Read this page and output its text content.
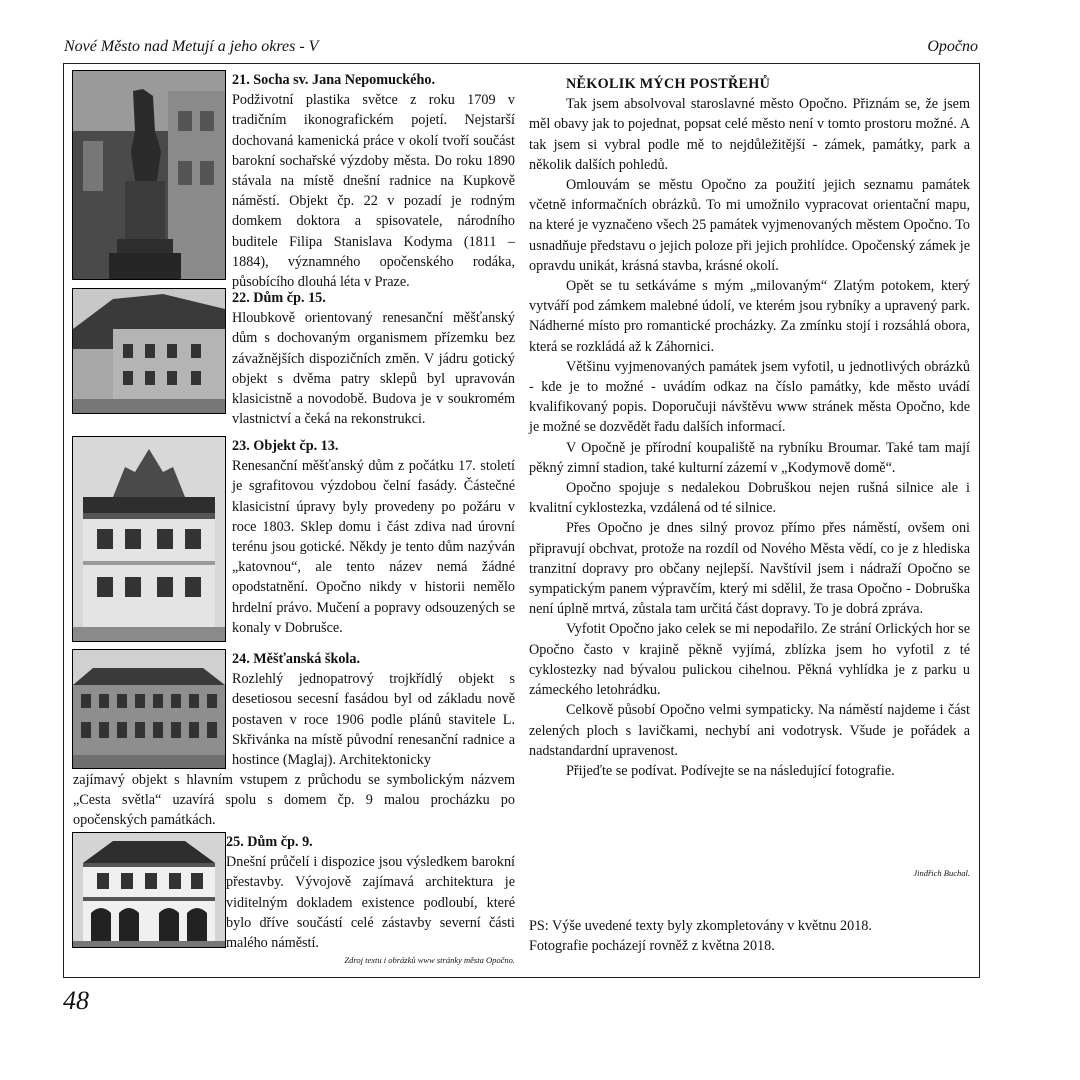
Nové Město nad Metují a jeho okres - V	Opočno
21. Socha sv. Jana Nepomuckého.

Podživotní plastika světce z roku 1709 v tradičním ikonografickém pojetí. Nejstarší dochovaná kamenická práce v okolí tvoří součást barokní sochařské výzdoby města. Do roku 1890 stávala na místě dnešní radnice na Kupkově náměstí. Objekt čp. 22 v pozadí je rodným domkem doktora a spisovatele, národního buditele Filipa Stanislava Kodyma (1811 – 1884), významného opočenského rodáka, působícího dlouhá léta v Praze.

22. Dům čp. 15.

Hloubkově orientovaný renesanční měšťanský dům s dochovaným organismem přízemku bez závažnějších dispozičních změn. V jádru gotický objekt s dvěma patry sklepů byl upravován klasicistně a novodobě. Budova je v soukromém vlastnictví a čeká na rekonstrukci.

23. Objekt čp. 13.

Renesanční měšťanský dům z počátku 17. století je sgrafitovou výzdobou čelní fasády. Částečné klasicistní úpravy byly provedeny po požáru v roce 1803. Sklep domu i část zdiva nad úrovní terénu jsou gotické. Někdy je tento dům nazýván „katovnou“, ale tento název nemá žádné opodstatnění. Opočno nikdy v historii nemělo hrdelní právo. Mučení a popravy odsouzených se konaly v Dobrušce.

24. Měšťanská škola.

Rozlehlý jednopatrový trojkřídlý objekt s desetiosou secesní fasádou byl od základu nově postaven v roce 1906 podle plánů stavitele L. Skřivánka na místě původní renesanční radnice a hostince (Maglaj). Architektonicky

zajímavý objekt s hlavním vstupem z průchodu se symbolickým názvem „Cesta světla“ uzavírá spolu s domem čp. 9 malou procházku po opočenských památkách.
25. Dům čp. 9.

Dnešní průčelí i dispozice jsou výsledkem barokní přestavby. Vývojově zajímavá architektura je viditelným dokladem existence podloubí, které bylo dříve součástí celé zástavby severní části malého náměstí.

Zdroj textu i obrázků www stránky města Opočno.
NĚKOLIK MÝCH POSTŘEHŮ

Tak jsem absolvoval staroslavné město Opočno. Přiznám se, že jsem měl obavy jak to pojednat, popsat celé město není v tomto prostoru možné. A tak jsem si vybral podle mě to nejdůležitější - zámek, památky, park a několik dalších pohledů.

Omlouvám se městu Opočno za použití jejich seznamu památek včetně informačních obrázků. To mi umožnilo vypracovat orientační mapu, na které je vyznačeno všech 25 památek vyjmenovaných městem Opočno. To usnadňuje představu o jejich poloze při jejich prohlídce. Opočenský zámek je opravdu unikát, krásná stavba, krásné okolí.

Opět se tu setkáváme s mým „milovaným“ Zlatým potokem, který vytváří pod zámkem malebné údolí, ve kterém jsou rybníky a upravený park. Nádherné místo pro romantické procházky. Za zmínku stojí i rozsáhlá obora, která se rozkládá až k Záhornici.

Většinu vyjmenovaných památek jsem vyfotil, u jednotlivých obrázků - kde je to možné - uvádím odkaz na číslo památky, kde město uvádí kvalifikovaný popis. Doporučuji návštěvu www stránek města Opočno, kde je možné se dozvědět řadu dalších informací.

V Opočně je přírodní koupaliště na rybníku Broumar. Také tam mají pěkný zimní stadion, také kulturní zázemí v „Kodymově domě“.

Opočno spojuje s nedalekou Dobruškou nejen rušná silnice ale i kvalitní cyklostezka, vzdálená od té silnice.

Přes Opočno je dnes silný provoz přímo přes náměstí, ovšem oni připravují obchvat, protože na rozdíl od Nového Města vědí, co je z hlediska tranzitní dopravy pro občany nejlepší. Navštívil jsem i nádraží Opočno se sympatickým panem výpravčím, který mi sdělil, že trasa Opočno - Dobruška není úplně mrtvá, zůstala tam určitá část dopravy. To je dobrá zpráva.

Vyfotit Opočno jako celek se mi nepodařilo. Ze strání Orlických hor se Opočno často v krajině pěkně vyjímá, zblízka jsem ho vyfotil z té cyklostezky nad bývalou pulickou cihelnou. Pěkná vyhlídka je z parku u zámeckého letohrádku.

Celkově působí Opočno velmi sympaticky. Na náměstí najdeme i část zelených ploch s lavičkami, nechybí ani vodotrysk. Všude je pořádek a nadstandardní upravenost.

Přijeďte se podívat. Podívejte se na následující fotografie.

Jindřich Buchal.
PS: Výše uvedené texty byly zkompletovány v květnu 2018.
Fotografie pocházejí rovněž z května 2018.
48
